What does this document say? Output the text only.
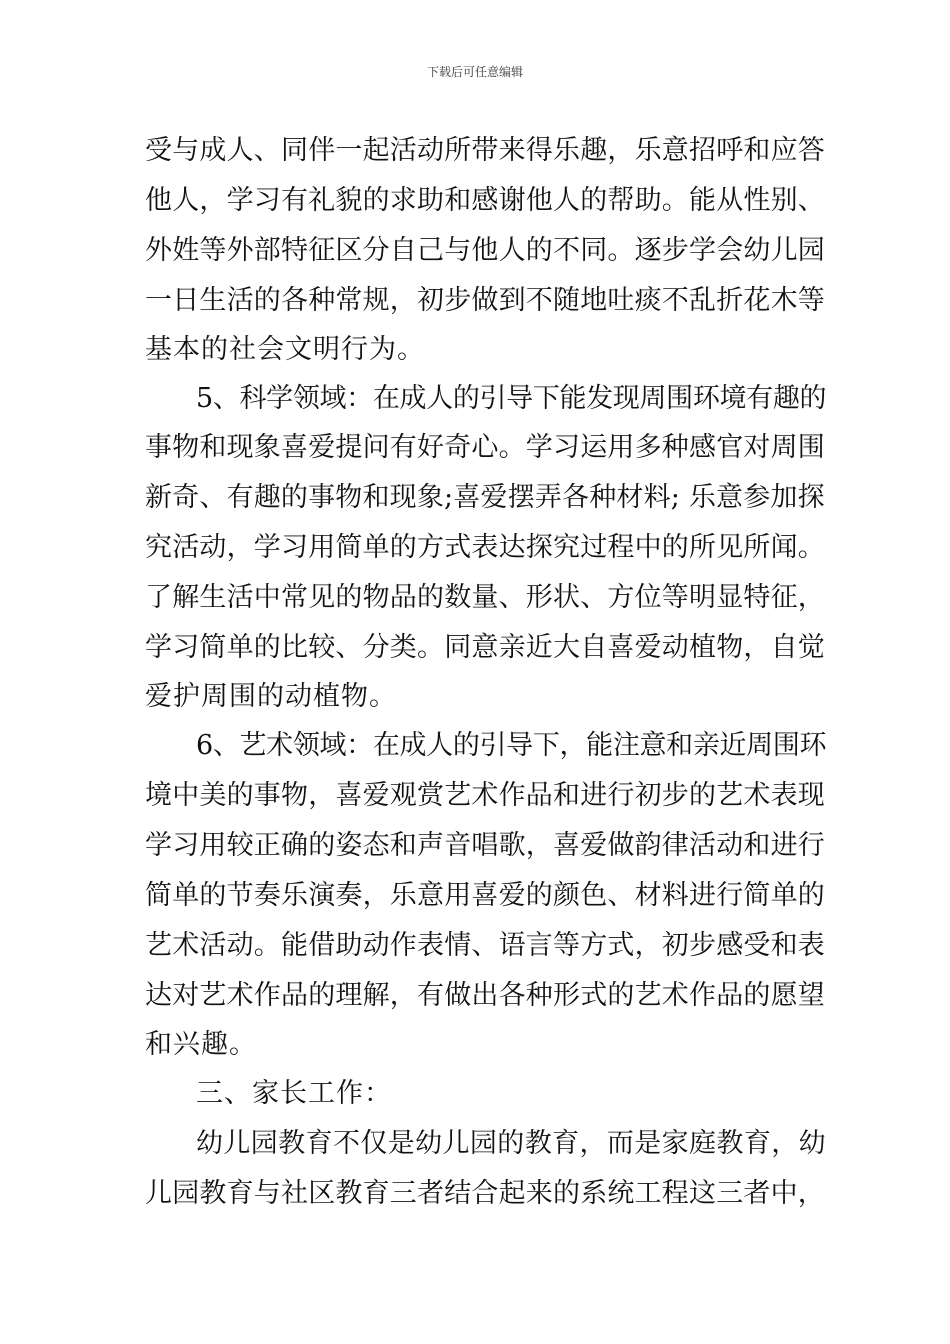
下载后可任意编辑
受与成人、同伴一起活动所带来得乐趣，乐意招呼和应答
他人，学习有礼貌的求助和感谢他人的帮助。能从性别、
外姓等外部特征区分自己与他人的不同。逐步学会幼儿园
一日生活的各种常规，初步做到不随地吐痰不乱折花木等
基本的社会文明行为。
5、科学领域：在成人的引导下能发现周围环境有趣的
事物和现象喜爱提问有好奇心。学习运用多种感官对周围
新奇、有趣的事物和现象;喜爱摆弄各种材料; 乐意参加探
究活动，学习用简单的方式表达探究过程中的所见所闻。
了解生活中常见的物品的数量、形状、方位等明显特征，
学习简单的比较、分类。同意亲近大自喜爱动植物，自觉
爱护周围的动植物。
6、艺术领域：在成人的引导下，能注意和亲近周围环
境中美的事物，喜爱观赏艺术作品和进行初步的艺术表现
学习用较正确的姿态和声音唱歌，喜爱做韵律活动和进行
简单的节奏乐演奏，乐意用喜爱的颜色、材料进行简单的
艺术活动。能借助动作表情、语言等方式，初步感受和表
达对艺术作品的理解，有做出各种形式的艺术作品的愿望
和兴趣。
三、家长工作：
幼儿园教育不仅是幼儿园的教育，而是家庭教育，幼
儿园教育与社区教育三者结合起来的系统工程这三者中，
